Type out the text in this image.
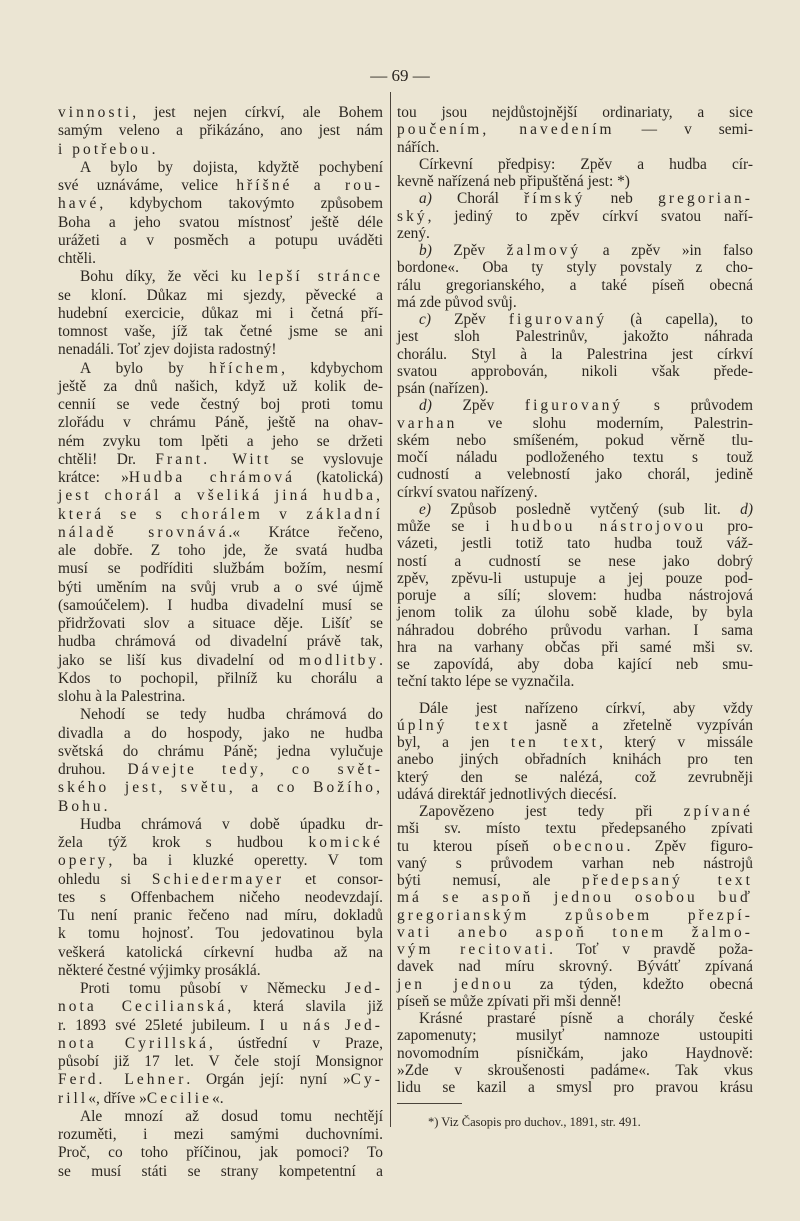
— 69 —
vinnosti, jest nejen církví, ale Bohem
samým veleno a přikázáno, ano jest nám
i potřebou.
A bylo by dojista, kdyžtě pochybení
své uznáváme, velice hříšné a rou-
havé, kdybychom takovýmto způsobem
Boha a jeho svatou místnosť ještě déle
urážeti a v posměch a potupu uváděti
chtěli.
Bohu díky, že věci ku lepší stránce
se kloní. Důkaz mi sjezdy, pěvecké a
hudební exercicie, důkaz mi i četná pří-
tomnost vaše, jíž tak četné jsme se ani
nenadáli. Toť zjev dojista radostný!
A bylo by hříchem, kdybychom
ještě za dnů našich, když už kolik de-
cennií se vede čestný boj proti tomu
zlořádu v chrámu Páně, ještě na ohav-
ném zvyku tom lpěti a jeho se držeti
chtěli! Dr. Frant. Witt se vyslovuje
krátce: »Hudba chrámová (katolická)
jest chorál a všeliká jiná hudba,
která se s chorálem v základní
náladě srovnává.« Krátce řečeno,
ale dobře. Z toho jde, že svatá hudba
musí se podříditi službám božím, nesmí
býti uměním na svůj vrub a o své újmě
(samoúčelem). I hudba divadelní musí se
přidržovati slov a situace děje. Lišíť se
hudba chrámová od divadelní právě tak,
jako se liší kus divadelní od modlitby.
Kdos to pochopil, přilníž ku chorálu a
slohu à la Palestrina.
Nehodí se tedy hudba chrámová do
divadla a do hospody, jako ne hudba
světská do chrámu Páně; jedna vylučuje
druhou. Dávejte tedy, co svět-
ského jest, světu, a co Božího,
Bohu.
Hudba chrámová v době úpadku dr-
žela týž krok s hudbou komické
opery, ba i kluzké operetty. V tom
ohledu si Schiedermayer et consor-
tes s Offenbachem ničeho neodevzdají.
Tu není pranic řečeno nad míru, dokladů
k tomu hojnosť. Tou jedovatinou byla
veškerá katolická církevní hudba až na
některé čestné výjimky prosáklá.
Proti tomu působí v Německu Jed-
nota Cecilianská, která slavila již
r. 1893 své 25leté jubileum. I u nás Jed-
nota Cyrillská, ústřední v Praze,
působí již 17 let. V čele stojí Monsignor
Ferd. Lehner. Orgán její: nyní »Cy-
rill«, dříve »Cecilie«.
Ale mnozí až dosud tomu nechtějí
rozuměti, i mezi samými duchovními.
Proč, co toho příčinou, jak pomoci? To
se musí státi se strany kompetentní a
tou jsou nejdůstojnější ordinariaty, a sice
poučením, navedením — v semi-
nářích.
Církevní předpisy: Zpěv a hudba cír-
kevně nařízená neb připuštěná jest: *)
a) Chorál římský neb gregorian-
ský, jediný to zpěv církví svatou naří-
zený.
b) Zpěv žalmový a zpěv »in falso
bordone«. Oba ty styly povstaly z cho-
rálu gregorianského, a také píseň obecná
má zde původ svůj.
c) Zpěv figurovaný (à capella), to
jest sloh Palestrinův, jakožto náhrada
chorálu. Styl à la Palestrina jest církví
svatou approbován, nikoli však přede-
psán (nařízen).
d) Zpěv figurovaný s průvodem
varhan ve slohu moderním, Palestrin-
ském nebo smíšeném, pokud věrně tlu-
močí náladu podloženého textu s touž
cudností a velebností jako chorál, jedině
církví svatou nařízený.
e) Způsob posledně vytčený (sub lit. d)
může se i hudbou nástrojovou pro-
vázeti, jestli totiž tato hudba touž váž-
ností a cudností se nese jako dobrý
zpěv, zpěvu-li ustupuje a jej pouze pod-
poruje a sílí; slovem: hudba nástrojová
jenom tolik za úlohu sobě klade, by byla
náhradou dobrého průvodu varhan. I sama
hra na varhany občas při samé mši sv.
se zapovídá, aby doba kající neb smu-
teční takto lépe se vyznačila.
Dále jest nařízeno církví, aby vždy
úplný text jasně a zřetelně vyzpíván
byl, a jen ten text, který v missále
anebo jiných obřadních knihách pro ten
který den se nalézá, což zevrubněji
udává direktář jednotlivých diecésí.
Zapovězeno jest tedy při zpívané
mši sv. místo textu předepsaného zpívati
tu kterou píseň obecnou. Zpěv figuro-
vaný s průvodem varhan neb nástrojů
býti nemusí, ale předepsaný text
má se aspoň jednou osobou buď
gregorianským způsobem přezpí-
vati anebo aspoň tonem žalmo-
vým recitovati. Toť v pravdě poža-
davek nad míru skrovný. Bývátť zpívaná
jen jednou za týden, kdežto obecná
píseň se může zpívati při mši denně!
Krásné prastaré písně a chorály české
zapomenuty; musilyť namnoze ustoupiti
novomodním písničkám, jako Haydnově:
»Zde v skroušenosti padáme«. Tak vkus
lidu se kazil a smysl pro pravou krásu
*) Viz Časopis pro duchov., 1891, str. 491.
